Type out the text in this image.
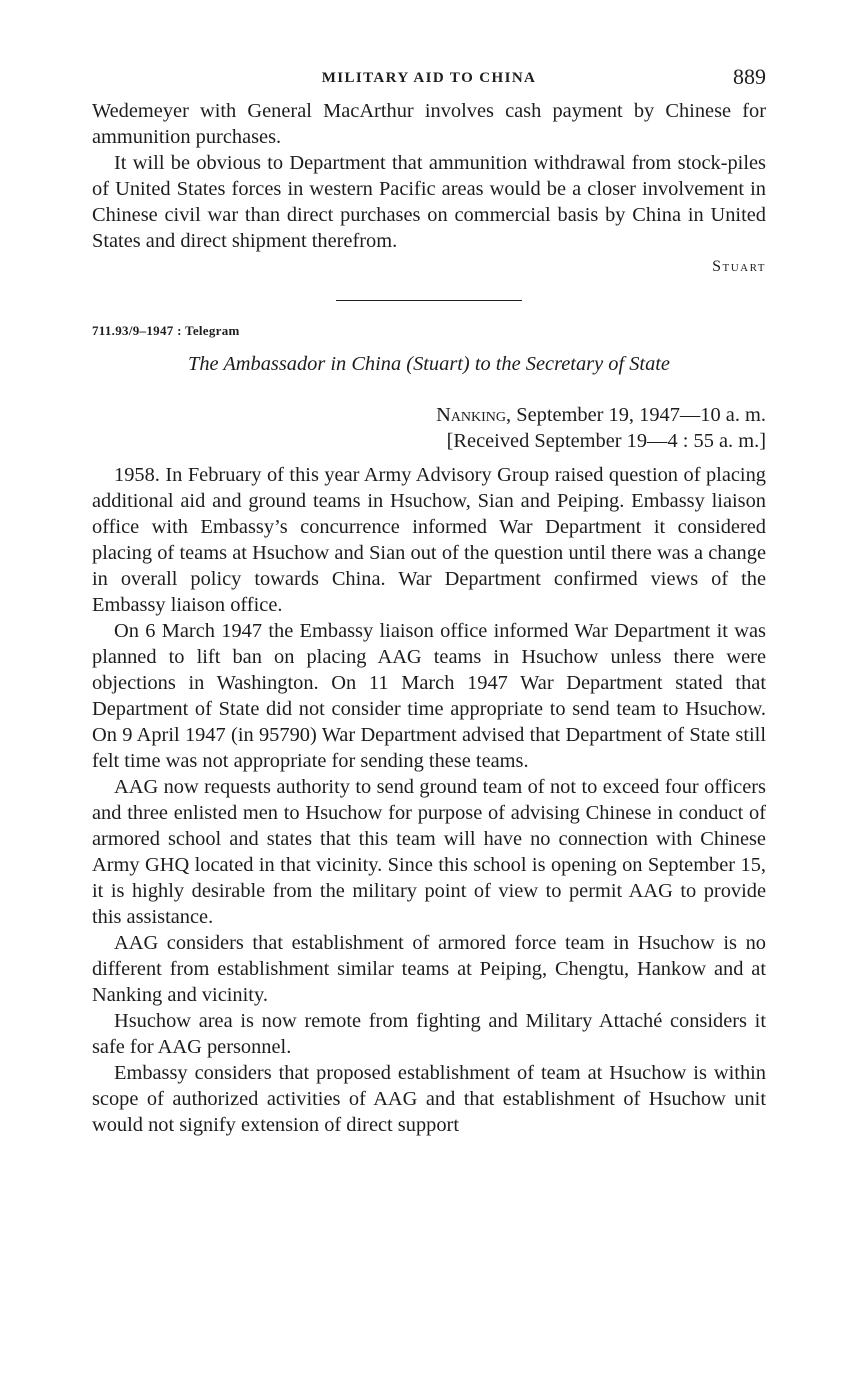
MILITARY AID TO CHINA	889

Wedemeyer with General MacArthur involves cash payment by Chinese for ammunition purchases.

It will be obvious to Department that ammunition withdrawal from stock-piles of United States forces in western Pacific areas would be a closer involvement in Chinese civil war than direct purchases on commercial basis by China in United States and direct shipment therefrom.

Stuart
711.93/9–1947 : Telegram
The Ambassador in China (Stuart) to the Secretary of State
Nanking, September 19, 1947—10 a. m.
[Received September 19—4 : 55 a. m.]

1958. In February of this year Army Advisory Group raised question of placing additional aid and ground teams in Hsuchow, Sian and Peiping. Embassy liaison office with Embassy’s concurrence informed War Department it considered placing of teams at Hsuchow and Sian out of the question until there was a change in overall policy towards China. War Department confirmed views of the Embassy liaison office.

On 6 March 1947 the Embassy liaison office informed War Department it was planned to lift ban on placing AAG teams in Hsuchow unless there were objections in Washington. On 11 March 1947 War Department stated that Department of State did not consider time appropriate to send team to Hsuchow. On 9 April 1947 (in 95790) War Department advised that Department of State still felt time was not appropriate for sending these teams.

AAG now requests authority to send ground team of not to exceed four officers and three enlisted men to Hsuchow for purpose of advising Chinese in conduct of armored school and states that this team will have no connection with Chinese Army GHQ located in that vicinity. Since this school is opening on September 15, it is highly desirable from the military point of view to permit AAG to provide this assistance.

AAG considers that establishment of armored force team in Hsuchow is no different from establishment similar teams at Peiping, Chengtu, Hankow and at Nanking and vicinity.

Hsuchow area is now remote from fighting and Military Attaché considers it safe for AAG personnel.

Embassy considers that proposed establishment of team at Hsuchow is within scope of authorized activities of AAG and that establishment of Hsuchow unit would not signify extension of direct support
